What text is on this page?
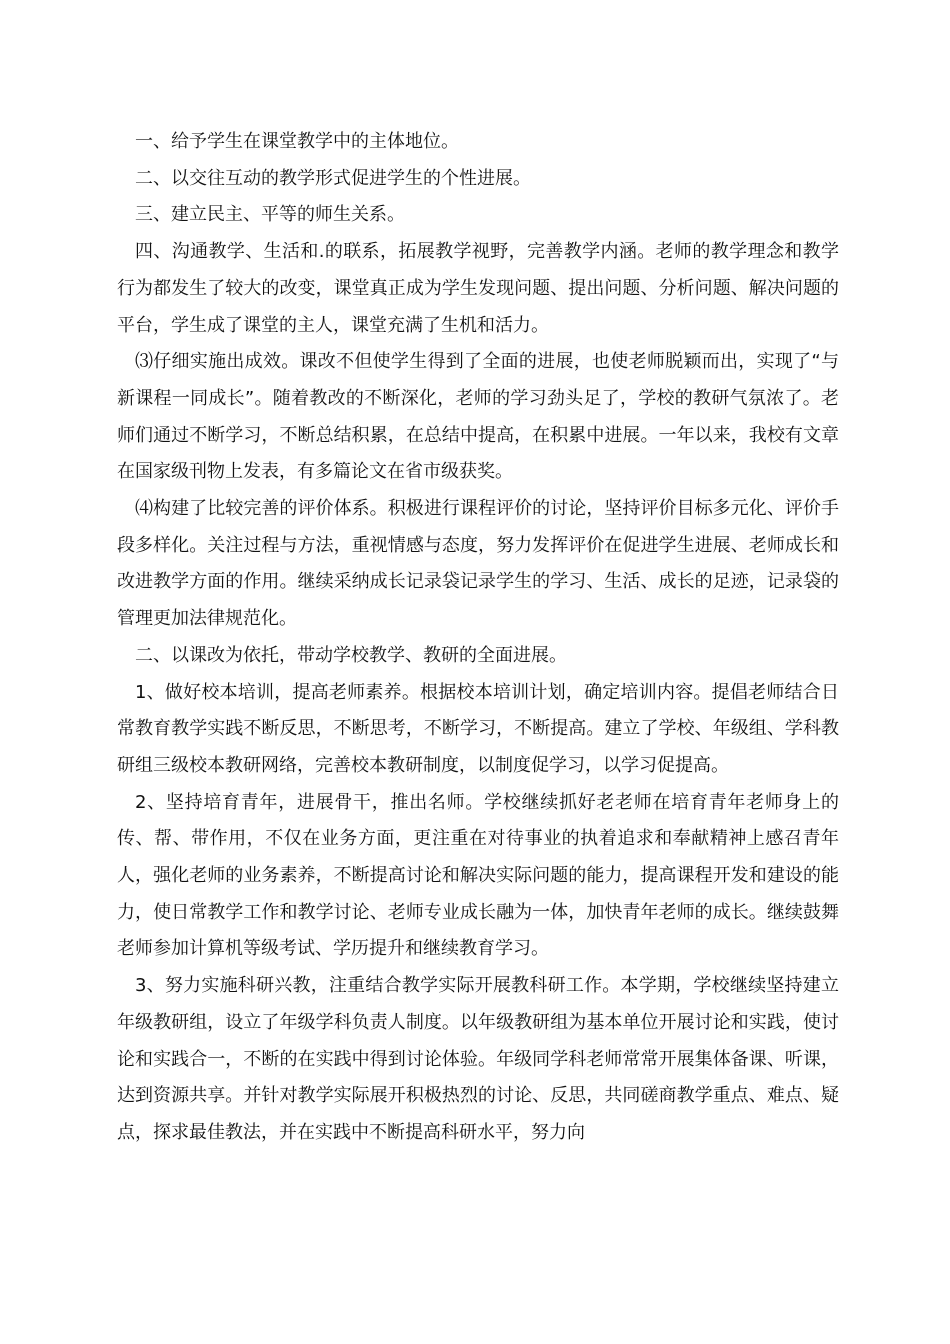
一、给予学生在课堂教学中的主体地位。

二、以交往互动的教学形式促进学生的个性进展。

三、建立民主、平等的师生关系。

四、沟通教学、生活和.的联系，拓展教学视野，完善教学内涵。老师的教学理念和教学行为都发生了较大的改变，课堂真正成为学生发现问题、提出问题、分析问题、解决问题的平台，学生成了课堂的主人，课堂充满了生机和活力。

⑶仔细实施出成效。课改不但使学生得到了全面的进展，也使老师脱颖而出，实现了“与新课程一同成长”。随着教改的不断深化，老师的学习劲头足了，学校的教研气氛浓了。老师们通过不断学习，不断总结积累，在总结中提高，在积累中进展。一年以来，我校有文章在国家级刊物上发表，有多篇论文在省市级获奖。

⑷构建了比较完善的评价体系。积极进行课程评价的讨论，坚持评价目标多元化、评价手段多样化。关注过程与方法，重视情感与态度，努力发挥评价在促进学生进展、老师成长和改进教学方面的作用。继续采纳成长记录袋记录学生的学习、生活、成长的足迹，记录袋的管理更加法律规范化。

二、以课改为依托，带动学校教学、教研的全面进展。

1、做好校本培训，提高老师素养。根据校本培训计划，确定培训内容。提倡老师结合日常教育教学实践不断反思，不断思考，不断学习，不断提高。建立了学校、年级组、学科教研组三级校本教研网络，完善校本教研制度，以制度促学习，以学习促提高。

2、坚持培育青年，进展骨干，推出名师。学校继续抓好老老师在培育青年老师身上的传、帮、带作用，不仅在业务方面，更注重在对待事业的执着追求和奉献精神上感召青年人，强化老师的业务素养，不断提高讨论和解决实际问题的能力，提高课程开发和建设的能力，使日常教学工作和教学讨论、老师专业成长融为一体，加快青年老师的成长。继续鼓舞老师参加计算机等级考试、学历提升和继续教育学习。

3、努力实施科研兴教，注重结合教学实际开展教科研工作。本学期，学校继续坚持建立年级教研组，设立了年级学科负责人制度。以年级教研组为基本单位开展讨论和实践，使讨论和实践合一，不断的在实践中得到讨论体验。年级同学科老师常常开展集体备课、听课，达到资源共享。并针对教学实际展开积极热烈的讨论、反思，共同磋商教学重点、难点、疑点，探求最佳教法，并在实践中不断提高科研水平，努力向
